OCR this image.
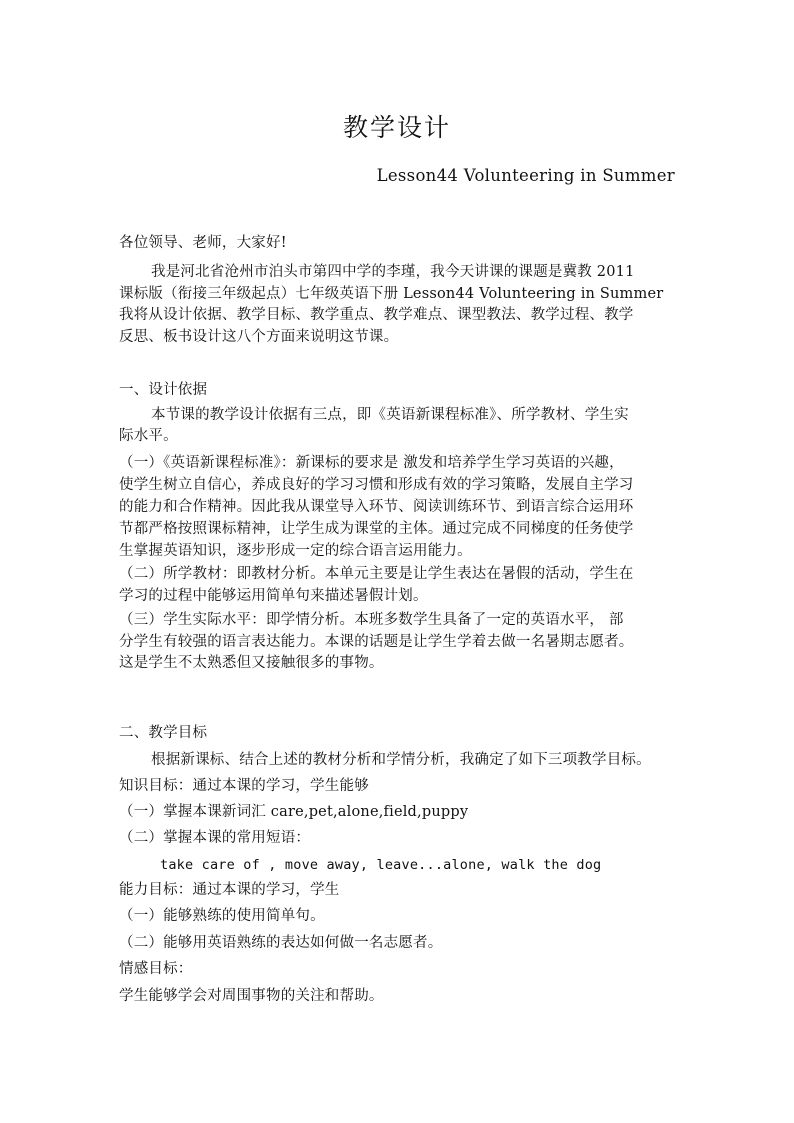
教学设计
Lesson44 Volunteering in Summer
各位领导、老师，大家好!
我是河北省沧州市泊头市第四中学的李瑾，我今天讲课的课题是冀教 2011
课标版（衔接三年级起点）七年级英语下册 Lesson44 Volunteering in Summer
我将从设计依据、教学目标、教学重点、教学难点、课型教法、教学过程、教学
反思、板书设计这八个方面来说明这节课。
一、设计依据
本节课的教学设计依据有三点，即《英语新课程标准》、所学教材、学生实
际水平。
（一）《英语新课程标准》：新课标的要求是 激发和培养学生学习英语的兴趣，
使学生树立自信心，养成良好的学习习惯和形成有效的学习策略，发展自主学习
的能力和合作精神。因此我从课堂导入环节、阅读训练环节、到语言综合运用环
节都严格按照课标精神，让学生成为课堂的主体。通过完成不同梯度的任务使学
生掌握英语知识，逐步形成一定的综合语言运用能力。
（二）所学教材：即教材分析。本单元主要是让学生表达在暑假的活动，学生在
学习的过程中能够运用简单句来描述暑假计划。
（三）学生实际水平：即学情分析。本班多数学生具备了一定的英语水平， 部
分学生有较强的语言表达能力。本课的话题是让学生学着去做一名暑期志愿者。
这是学生不太熟悉但又接触很多的事物。
二、教学目标
根据新课标、结合上述的教材分析和学情分析，我确定了如下三项教学目标。
知识目标：通过本课的学习，学生能够
（一）掌握本课新词汇 care,pet,alone,field,puppy
（二）掌握本课的常用短语：
take care of , move away, leave...alone, walk the dog
能力目标：通过本课的学习，学生
（一）能够熟练的使用简单句。
（二）能够用英语熟练的表达如何做一名志愿者。
情感目标：
学生能够学会对周围事物的关注和帮助。
